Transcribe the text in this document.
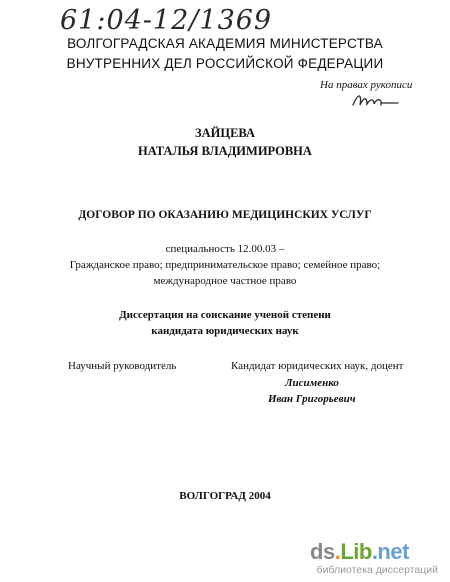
61:04-12/1369
ВОЛГОГРАДСКАЯ АКАДЕМИЯ МИНИСТЕРСТВА
ВНУТРЕННИХ ДЕЛ РОССИЙСКОЙ ФЕДЕРАЦИИ
На правах рукописи
ЗАЙЦЕВА
НАТАЛЬЯ ВЛАДИМИРОВНА
ДОГОВОР ПО ОКАЗАНИЮ МЕДИЦИНСКИХ УСЛУГ
специальность 12.00.03 –
Гражданское право; предпринимательское право; семейное право;
международное частное право
Диссертация на соискание ученой степени
кандидата юридических наук
Научный руководитель	Кандидат юридических наук, доцент
Лисименко
Иван Григорьевич
ВОЛГОГРАД 2004
ds.Lib.net
библиотека диссертаций
